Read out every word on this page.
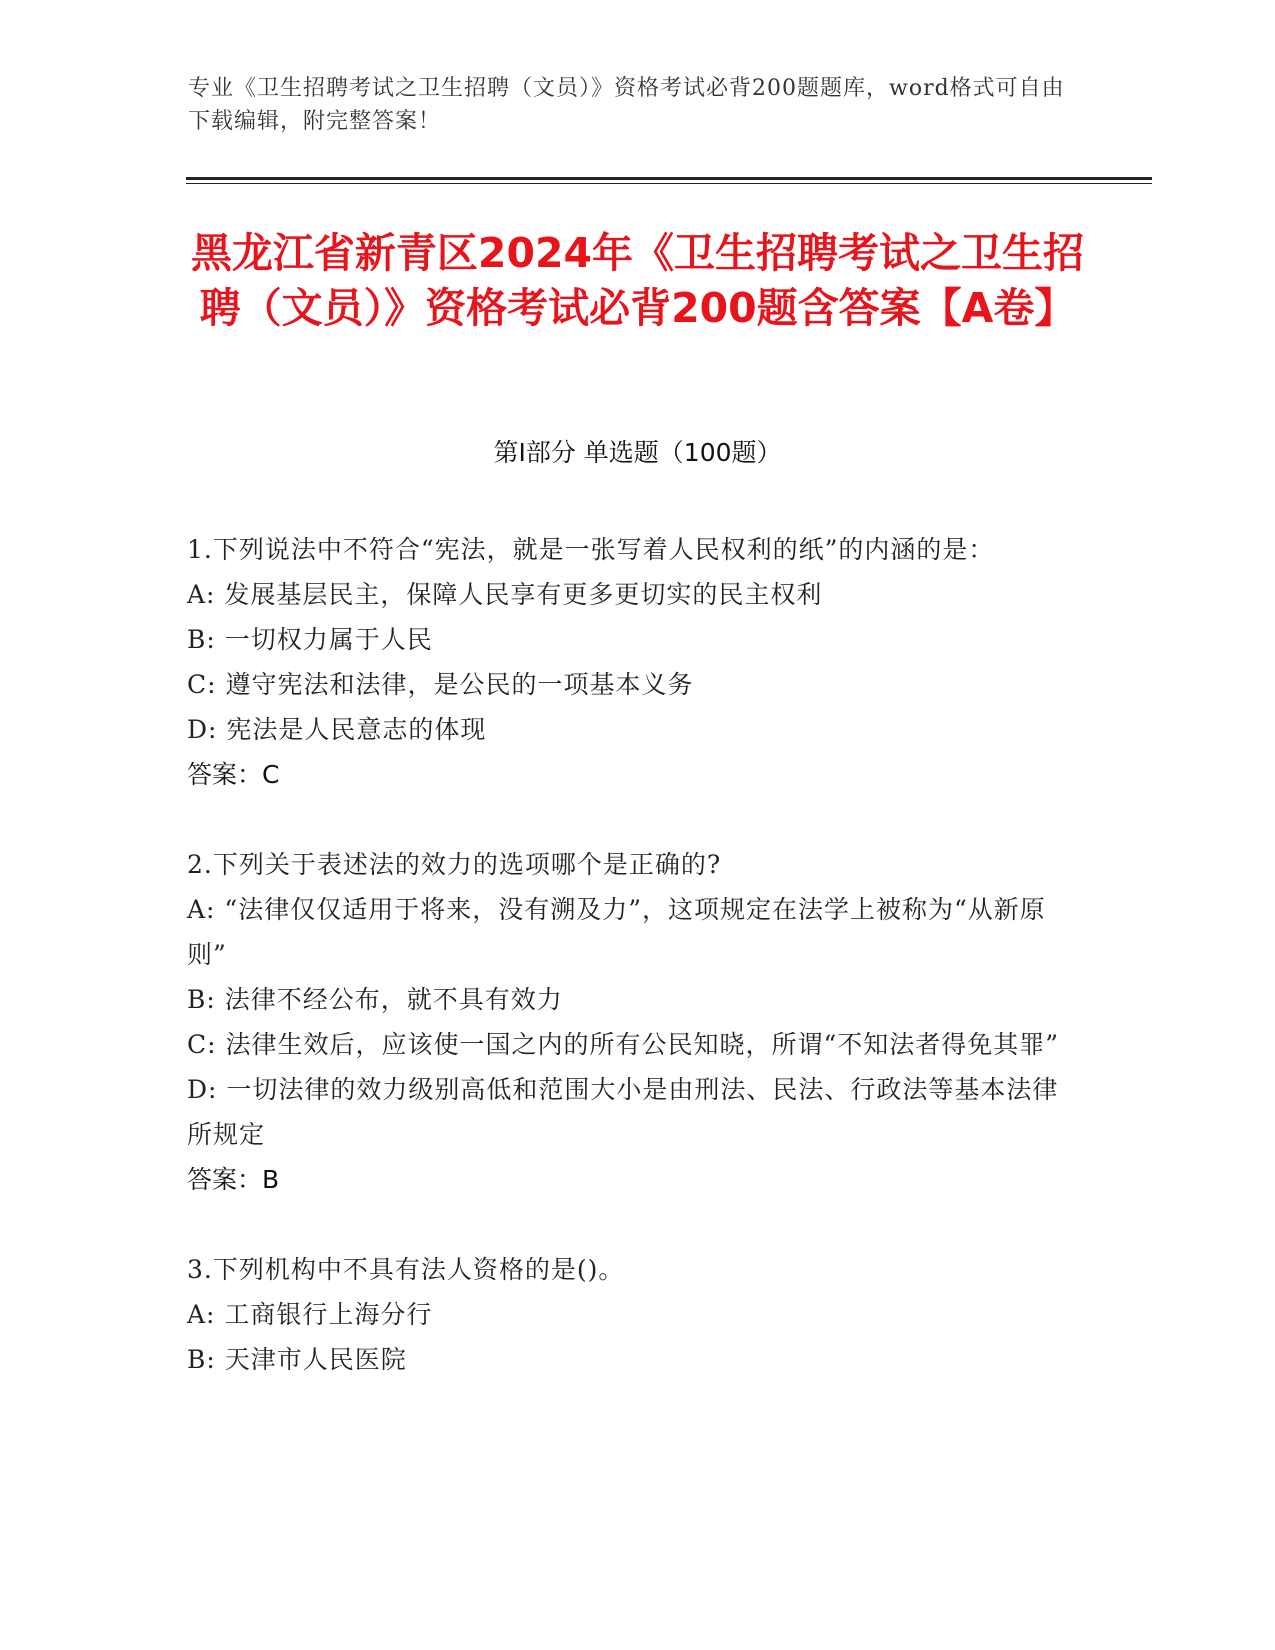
专业《卫生招聘考试之卫生招聘（文员）》资格考试必背200题题库，word格式可自由下载编辑，附完整答案！
黑龙江省新青区2024年《卫生招聘考试之卫生招聘（文员）》资格考试必背200题含答案【A卷】
第Ⅰ部分 单选题（100题）
1.下列说法中不符合“宪法，就是一张写着人民权利的纸”的内涵的是：
A: 发展基层民主，保障人民享有更多更切实的民主权利
B: 一切权力属于人民
C: 遵守宪法和法律，是公民的一项基本义务
D: 宪法是人民意志的体现
答案：C
2.下列关于表述法的效力的选项哪个是正确的?
A: “法律仅仅适用于将来，没有溯及力”，这项规定在法学上被称为“从新原则”
B: 法律不经公布，就不具有效力
C: 法律生效后，应该使一国之内的所有公民知晓，所谓“不知法者得免其罪”
D: 一切法律的效力级别高低和范围大小是由刑法、民法、行政法等基本法律所规定
答案：B
3.下列机构中不具有法人资格的是()。
A: 工商银行上海分行
B: 天津市人民医院
